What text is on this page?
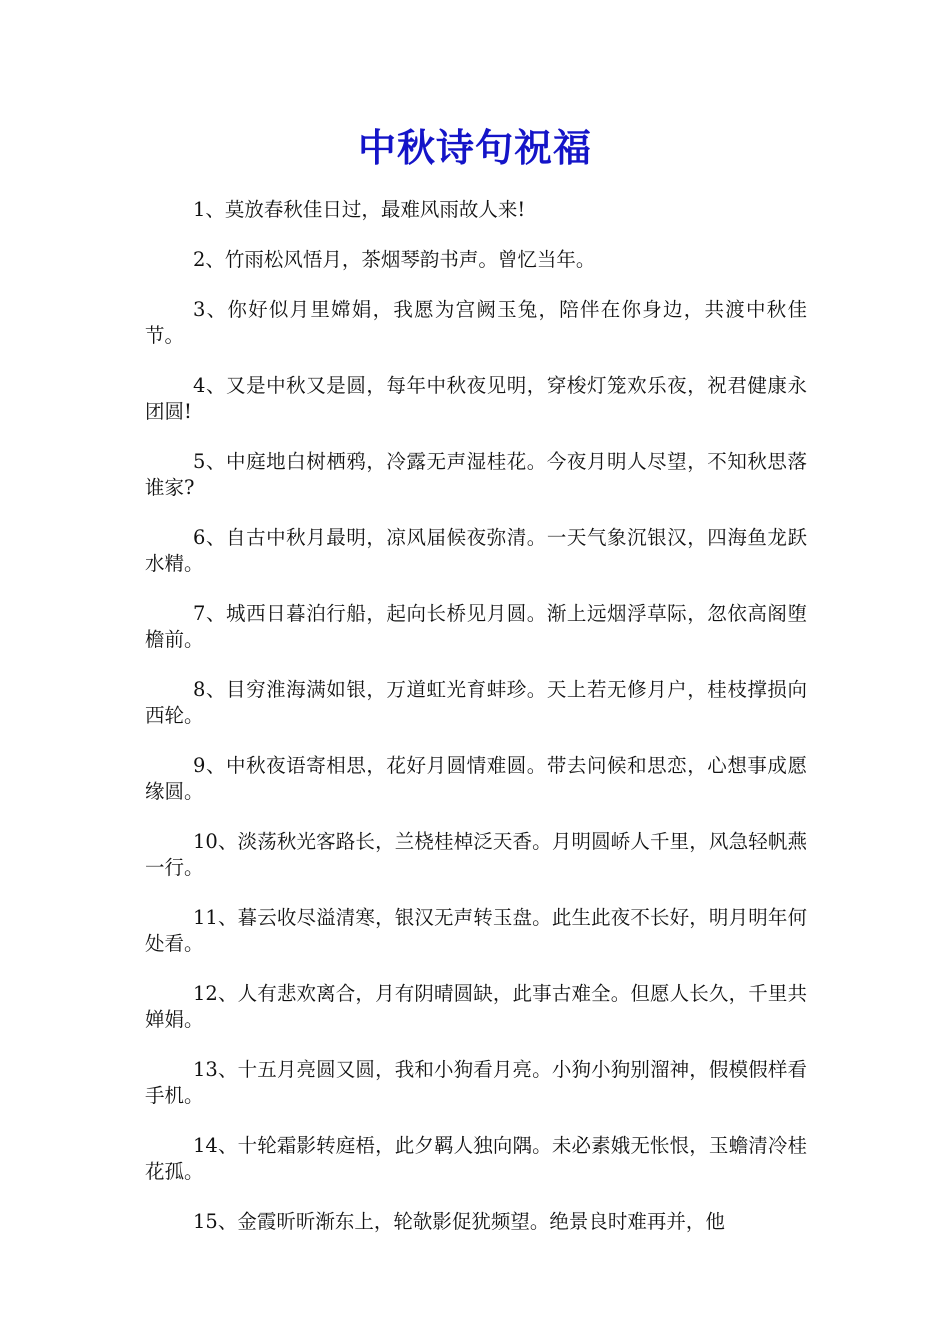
中秋诗句祝福

1、莫放春秋佳日过，最难风雨故人来!

2、竹雨松风悟月，茶烟琴韵书声。曾忆当年。

3、你好似月里嫦娟，我愿为宫阙玉兔，陪伴在你身边，共渡中秋佳节。

4、又是中秋又是圆，每年中秋夜见明，穿梭灯笼欢乐夜，祝君健康永团圆!

5、中庭地白树栖鸦，冷露无声湿桂花。今夜月明人尽望，不知秋思落谁家?

6、自古中秋月最明，凉风届候夜弥清。一天气象沉银汉，四海鱼龙跃水精。

7、城西日暮泊行船，起向长桥见月圆。渐上远烟浮草际，忽依高阁堕檐前。

8、目穷淮海满如银，万道虹光育蚌珍。天上若无修月户，桂枝撑损向西轮。

9、中秋夜语寄相思，花好月圆情难圆。带去问候和思恋，心想事成愿缘圆。

10、淡荡秋光客路长，兰桡桂棹泛天香。月明圆峤人千里，风急轻帆燕一行。

11、暮云收尽溢清寒，银汉无声转玉盘。此生此夜不长好，明月明年何处看。

12、人有悲欢离合，月有阴晴圆缺，此事古难全。但愿人长久，千里共婵娟。

13、十五月亮圆又圆，我和小狗看月亮。小狗小狗别溜神，假模假样看手机。

14、十轮霜影转庭梧，此夕羁人独向隅。未必素娥无怅恨，玉蟾清冷桂花孤。

15、金霞昕昕渐东上，轮欹影促犹频望。绝景良时难再并，他
